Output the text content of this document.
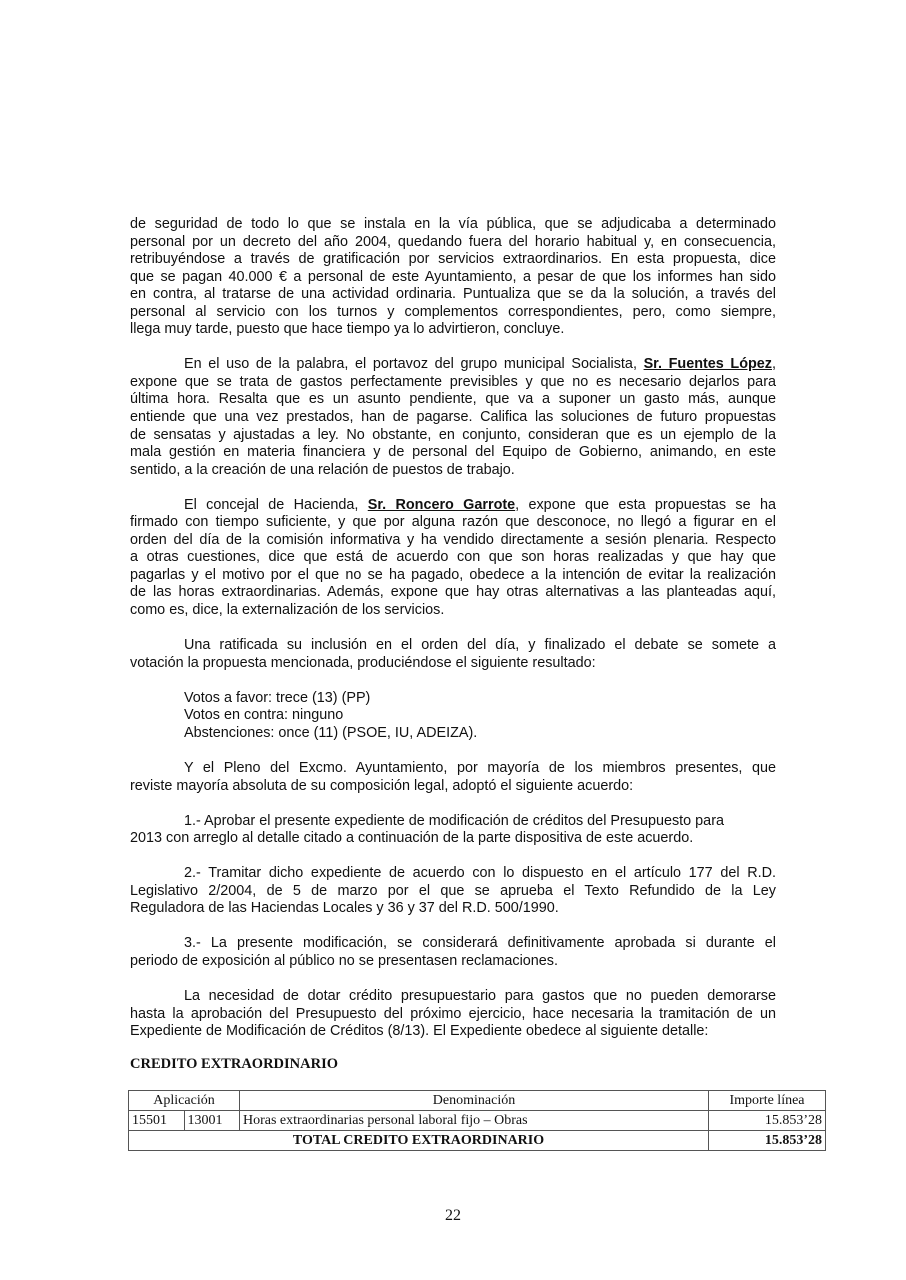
de seguridad de todo lo que se instala en la vía pública, que se adjudicaba a determinado
personal por un decreto del año 2004, quedando fuera del horario habitual y, en consecuencia,
retribuyéndose a través de gratificación por servicios extraordinarios. En esta propuesta, dice
que se pagan 40.000 € a personal de este Ayuntamiento, a pesar de que los informes han sido
en contra, al tratarse de una actividad ordinaria. Puntualiza que se da la solución, a través del
personal al servicio con los turnos y complementos correspondientes, pero, como siempre,
llega muy tarde, puesto que hace tiempo ya lo advirtieron, concluye.
En el uso de la palabra, el portavoz del grupo municipal Socialista, Sr. Fuentes López,
expone que se trata de gastos perfectamente previsibles y que no es necesario dejarlos para
última hora. Resalta que es un asunto pendiente, que va a suponer un gasto más, aunque
entiende que una vez prestados, han de pagarse. Califica las soluciones de futuro propuestas
de sensatas y ajustadas a ley. No obstante, en conjunto, consideran que es un ejemplo de la
mala gestión en materia financiera y de personal del Equipo de Gobierno, animando, en este
sentido, a la creación de una relación de puestos de trabajo.
El concejal de Hacienda, Sr. Roncero Garrote, expone que esta propuestas se ha
firmado con tiempo suficiente, y que por alguna razón que desconoce, no llegó a figurar en el
orden del día de la comisión informativa y ha vendido directamente a sesión plenaria. Respecto
a otras cuestiones, dice que está de acuerdo con que son horas realizadas y que hay que
pagarlas y el motivo por el que no se ha pagado, obedece a la intención de evitar la realización
de las horas extraordinarias. Además, expone que hay otras alternativas a las planteadas aquí,
como es, dice, la externalización de los servicios.
Una ratificada su inclusión en el orden del día, y finalizado el debate se somete a
votación la propuesta mencionada, produciéndose el siguiente resultado:
Votos a favor: trece (13) (PP)
Votos en contra: ninguno
Abstenciones: once (11) (PSOE, IU, ADEIZA).
Y el Pleno del Excmo. Ayuntamiento, por mayoría de los miembros presentes, que
reviste mayoría absoluta de su composición legal, adoptó el siguiente acuerdo:
1.- Aprobar el presente expediente de modificación de créditos del Presupuesto para
2013 con arreglo al detalle citado a continuación de la parte dispositiva de este acuerdo.
2.- Tramitar dicho expediente de acuerdo con lo dispuesto en el artículo 177 del R.D.
Legislativo 2/2004, de 5 de marzo por el que se aprueba el Texto Refundido de la Ley
Reguladora de las Haciendas Locales y 36 y 37 del R.D. 500/1990.
3.- La presente modificación, se considerará definitivamente aprobada si durante el
periodo de exposición al público no se presentasen reclamaciones.
La necesidad de dotar crédito presupuestario para gastos que no pueden demorarse
hasta la aprobación del Presupuesto del próximo ejercicio, hace necesaria la tramitación de un
Expediente de Modificación de Créditos (8/13). El Expediente obedece al siguiente detalle:
CREDITO EXTRAORDINARIO
Aplicación		Denominación	Importe línea
15501	13001	Horas extraordinarias personal laboral fijo – Obras	15.853’28
TOTAL CREDITO EXTRAORDINARIO			15.853’28
22
